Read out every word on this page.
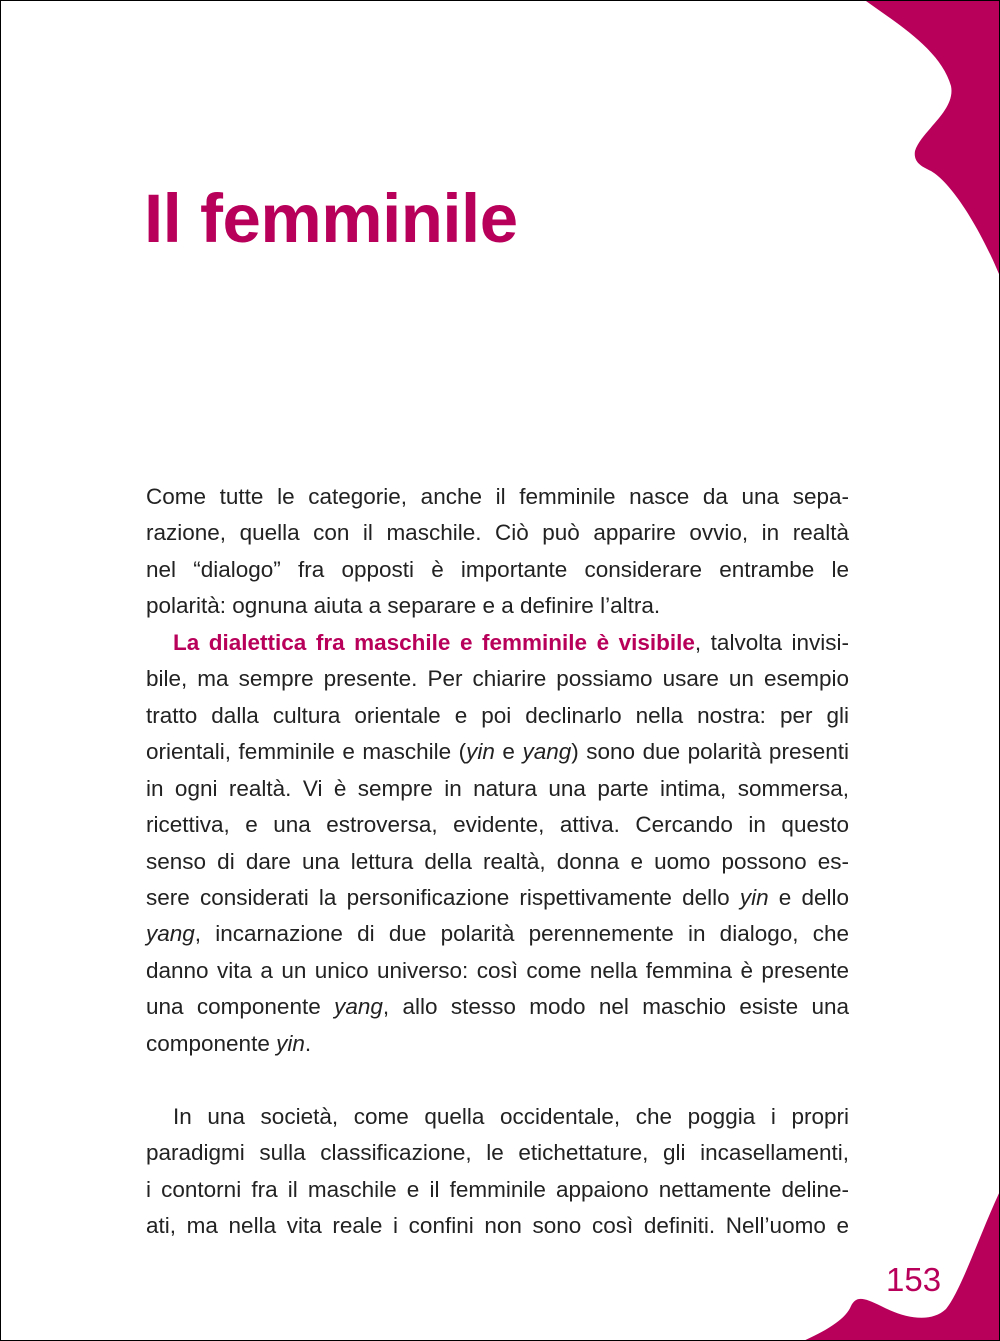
Il femminile
Come tutte le categorie, anche il femminile nasce da una sepa-
razione, quella con il maschile. Ciò può apparire ovvio, in realtà
nel “dialogo” fra opposti è importante considerare entrambe le
polarità: ognuna aiuta a separare e a definire l’altra.
La dialettica fra maschile e femminile è visibile, talvolta invisi-
bile, ma sempre presente. Per chiarire possiamo usare un esempio
tratto dalla cultura orientale e poi declinarlo nella nostra: per gli
orientali, femminile e maschile (yin e yang) sono due polarità presenti
in ogni realtà. Vi è sempre in natura una parte intima, sommersa,
ricettiva, e una estroversa, evidente, attiva. Cercando in questo
senso di dare una lettura della realtà, donna e uomo possono es-
sere considerati la personificazione rispettivamente dello yin e dello
yang, incarnazione di due polarità perennemente in dialogo, che
danno vita a un unico universo: così come nella femmina è presente
una componente yang, allo stesso modo nel maschio esiste una
componente yin.
In una società, come quella occidentale, che poggia i propri
paradigmi sulla classificazione, le etichettature, gli incasellamenti,
i contorni fra il maschile e il femminile appaiono nettamente deline-
ati, ma nella vita reale i confini non sono così definiti. Nell’uomo e
153
